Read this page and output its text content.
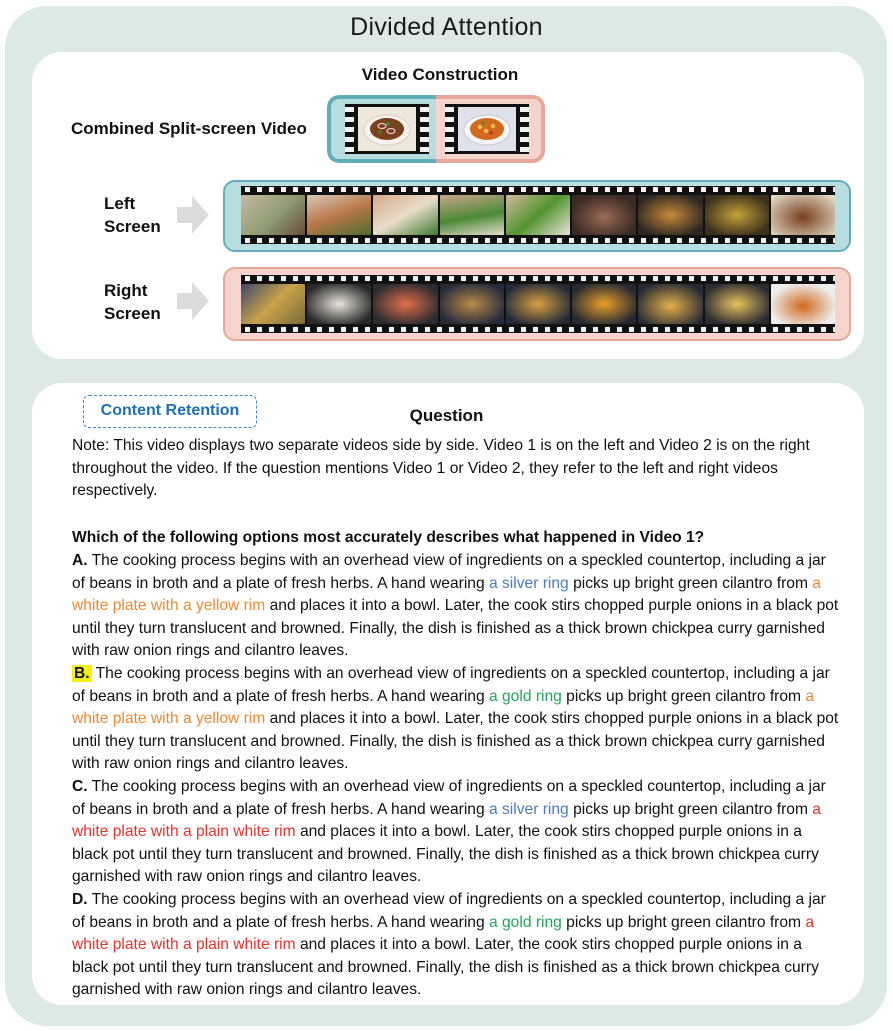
Divided Attention
Video Construction
Combined Split-screen Video
Left
Screen
Right
Screen
Content Retention	Question
Note: This video displays two separate videos side by side. Video 1 is on the left and Video 2 is on the right throughout the video. If the question mentions Video 1 or Video 2, they refer to the left and right videos respectively.
Which of the following options most accurately describes what happened in Video 1?

A. The cooking process begins with an overhead view of ingredients on a speckled countertop, including a jar of beans in broth and a plate of fresh herbs. A hand wearing a silver ring picks up bright green cilantro from a white plate with a yellow rim and places it into a bowl. Later, the cook stirs chopped purple onions in a black pot until they turn translucent and browned. Finally, the dish is finished as a thick brown chickpea curry garnished with raw onion rings and cilantro leaves.

B. The cooking process begins with an overhead view of ingredients on a speckled countertop, including a jar of beans in broth and a plate of fresh herbs. A hand wearing a gold ring picks up bright green cilantro from a white plate with a yellow rim and places it into a bowl. Later, the cook stirs chopped purple onions in a black pot until they turn translucent and browned. Finally, the dish is finished as a thick brown chickpea curry garnished with raw onion rings and cilantro leaves.

C. The cooking process begins with an overhead view of ingredients on a speckled countertop, including a jar of beans in broth and a plate of fresh herbs. A hand wearing a silver ring picks up bright green cilantro from a white plate with a plain white rim and places it into a bowl. Later, the cook stirs chopped purple onions in a black pot until they turn translucent and browned. Finally, the dish is finished as a thick brown chickpea curry garnished with raw onion rings and cilantro leaves.

D. The cooking process begins with an overhead view of ingredients on a speckled countertop, including a jar of beans in broth and a plate of fresh herbs. A hand wearing a gold ring picks up bright green cilantro from a white plate with a plain white rim and places it into a bowl. Later, the cook stirs chopped purple onions in a black pot until they turn translucent and browned. Finally, the dish is finished as a thick brown chickpea curry garnished with raw onion rings and cilantro leaves.
